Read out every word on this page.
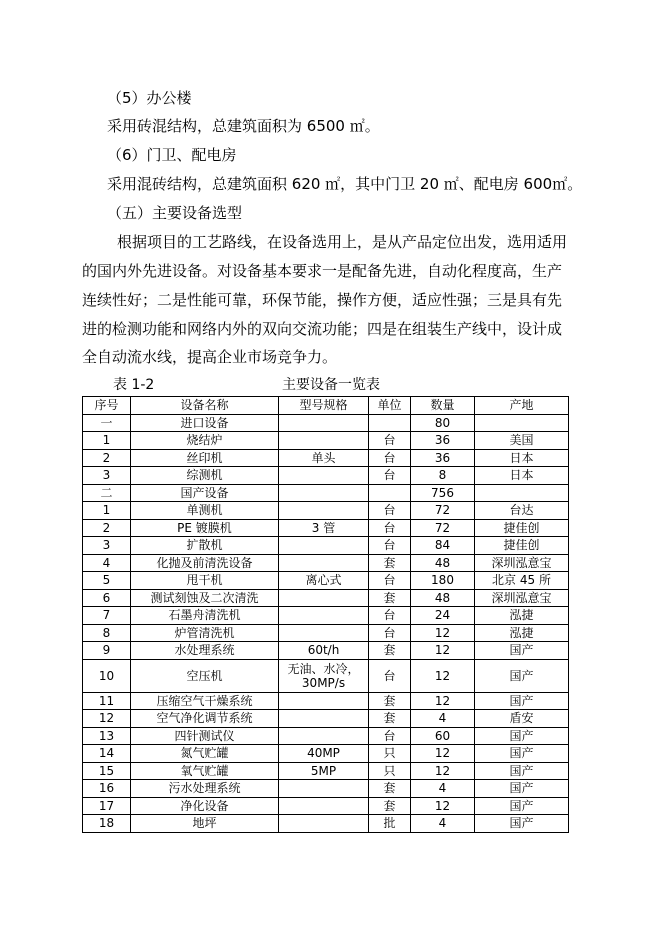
（5）办公楼
采用砖混结构，总建筑面积为 6500 ㎡。
（6）门卫、配电房
采用混砖结构，总建筑面积 620 ㎡，其中门卫 20 ㎡、配电房 600㎡。
（五）主要设备选型
根据项目的工艺路线，在设备选用上，是从产品定位出发，选用适用
的国内外先进设备。对设备基本要求一是配备先进，自动化程度高，生产
连续性好；二是性能可靠，环保节能，操作方便，适应性强；三是具有先
进的检测功能和网络内外的双向交流功能；四是在组装生产线中，设计成
全自动流水线，提高企业市场竞争力。
表 1-2	主要设备一览表
序号	设备名称	型号规格	单位	数量	产地
一	进口设备			80	
1	烧结炉		台	36	美国
2	丝印机	单头	台	36	日本
3	综测机		台	8	日本
二	国产设备			756	
1	单测机		台	72	台达
2	PE 镀膜机	3 管	台	72	捷佳创
3	扩散机		台	84	捷佳创
4	化抛及前清洗设备		套	48	深圳泓意宝
5	甩干机	离心式	台	180	北京 45 所
6	测试刻蚀及二次清洗		套	48	深圳泓意宝
7	石墨舟清洗机		台	24	泓捷
8	炉管清洗机		台	12	泓捷
9	水处理系统	60t/h	套	12	国产
10	空压机	无油、水冷，30MP/s	台	12	国产
11	压缩空气干燥系统		套	12	国产
12	空气净化调节系统		套	4	盾安
13	四针测试仪		台	60	国产
14	氮气贮罐	40MP	只	12	国产
15	氧气贮罐	5MP	只	12	国产
16	污水处理系统		套	4	国产
17	净化设备		套	12	国产
18	地坪		批	4	国产
